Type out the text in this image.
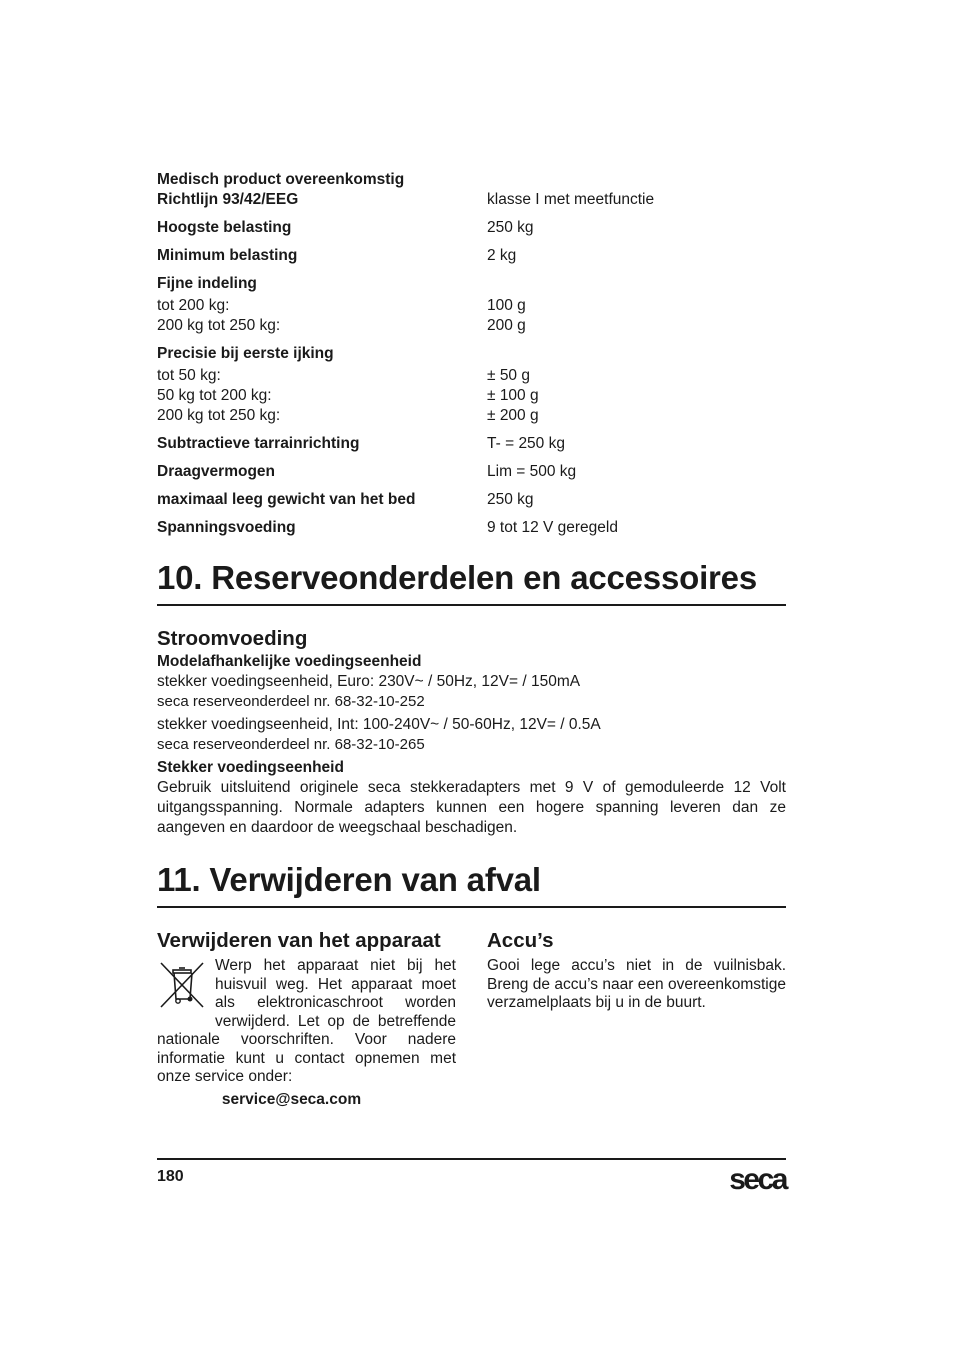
Medisch product overeenkomstig
Richtlijn 93/42/EEG	klasse I met meetfunctie
Hoogste belasting	250 kg
Minimum belasting	2 kg
Fijne indeling
tot 200 kg:	100 g
200 kg tot 250 kg:	200 g
Precisie bij eerste ijking
tot 50 kg:	± 50 g
50 kg tot 200 kg:	± 100 g
200 kg tot 250 kg:	± 200 g
Subtractieve tarrainrichting	T- = 250 kg
Draagvermogen	Lim = 500 kg
maximaal leeg gewicht van het bed	250 kg
Spanningsvoeding	9 tot 12 V geregeld
10. Reserveonderdelen en accessoires
Stroomvoeding
Modelafhankelijke voedingseenheid
stekker voedingseenheid, Euro: 230V~ / 50Hz, 12V= / 150mA
seca reserveonderdeel nr. 68-32-10-252
stekker voedingseenheid, Int: 100-240V~ / 50-60Hz, 12V= / 0.5A
seca reserveonderdeel nr. 68-32-10-265
Stekker voedingseenheid
Gebruik uitsluitend originele seca stekkeradapters met 9 V of gemoduleerde 12 Volt uitgangsspanning. Normale adapters kunnen een hogere spanning leveren dan ze aangeven en daardoor de weegschaal beschadigen.
11. Verwijderen van afval
Verwijderen van het apparaat
Werp het apparaat niet bij het huisvuil weg. Het apparaat moet als elektronicaschroot worden verwijderd. Let op de betreffende nationale voorschriften. Voor nadere informatie kunt u contact opnemen met onze service onder:
service@seca.com
Accu’s
Gooi lege accu’s niet in de vuilnisbak. Breng de accu’s naar een overeenkomstige verzamelplaats bij u in de buurt.
180	seca
